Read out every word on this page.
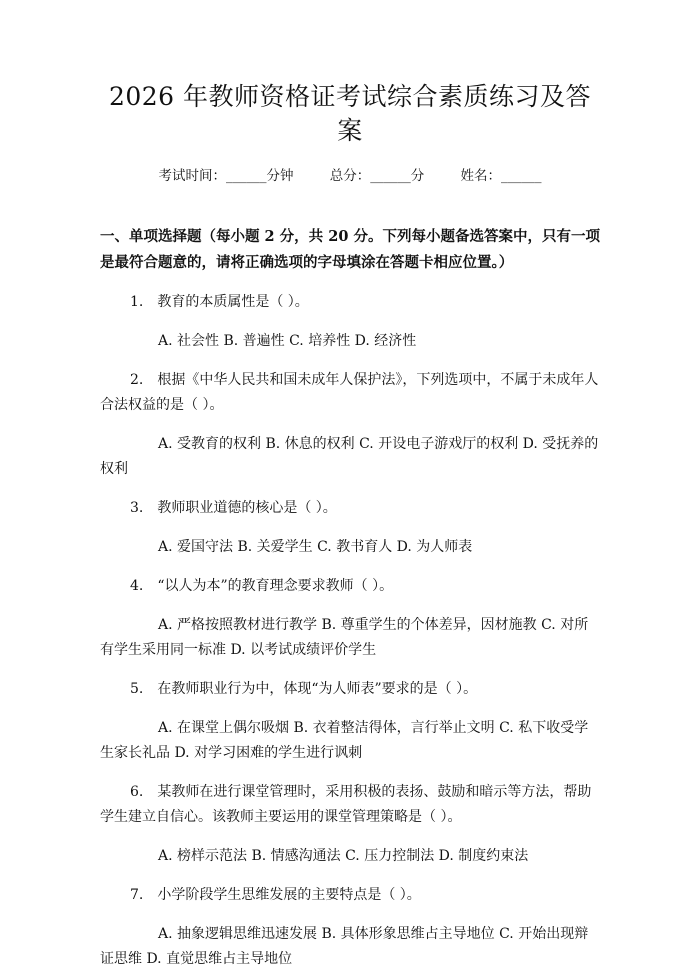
2026 年教师资格证考试综合素质练习及答案
考试时间：______分钟	总分：______分	姓名：______
一、单项选择题（每小题 2 分，共 20 分。下列每小题备选答案中，只有一项是最符合题意的，请将正确选项的字母填涂在答题卡相应位置。）

1. 教育的本质属性是（ ）。

A. 社会性 B. 普遍性 C. 培养性 D. 经济性

2. 根据《中华人民共和国未成年人保护法》，下列选项中，不属于未成年人合法权益的是（ ）。

A. 受教育的权利 B. 休息的权利 C. 开设电子游戏厅的权利 D. 受抚养的权利

3. 教师职业道德的核心是（ ）。

A. 爱国守法 B. 关爱学生 C. 教书育人 D. 为人师表

4. “以人为本”的教育理念要求教师（ ）。

A. 严格按照教材进行教学 B. 尊重学生的个体差异，因材施教 C. 对所有学生采用同一标准 D. 以考试成绩评价学生

5. 在教师职业行为中，体现“为人师表”要求的是（ ）。

A. 在课堂上偶尔吸烟 B. 衣着整洁得体，言行举止文明 C. 私下收受学生家长礼品 D. 对学习困难的学生进行讽刺

6. 某教师在进行课堂管理时，采用积极的表扬、鼓励和暗示等方法，帮助学生建立自信心。该教师主要运用的课堂管理策略是（ ）。

A. 榜样示范法 B. 情感沟通法 C. 压力控制法 D. 制度约束法

7. 小学阶段学生思维发展的主要特点是（ ）。

A. 抽象逻辑思维迅速发展 B. 具体形象思维占主导地位 C. 开始出现辩证思维 D. 直觉思维占主导地位
